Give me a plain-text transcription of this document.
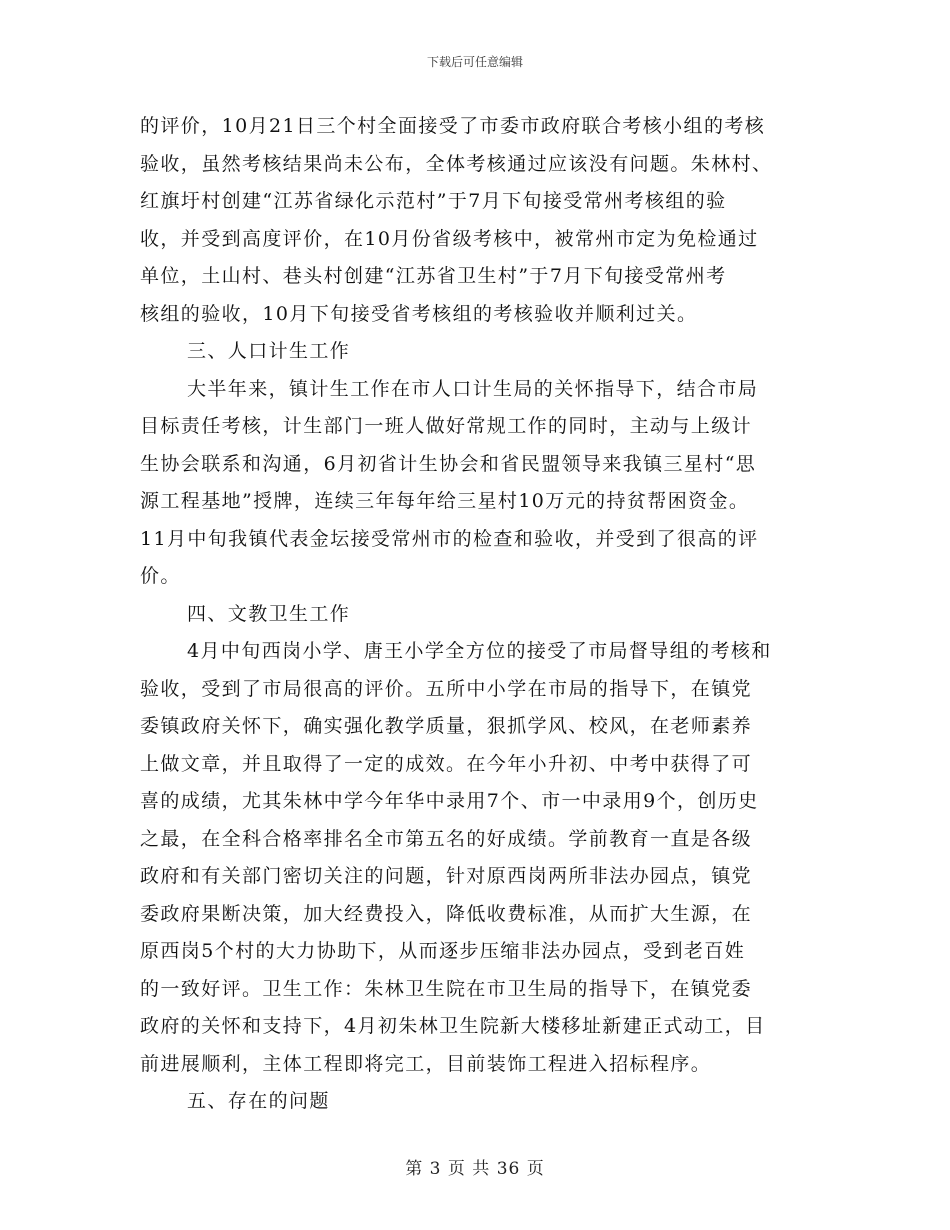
下载后可任意编辑
的评价，10月21日三个村全面接受了市委市政府联合考核小组的考核
验收，虽然考核结果尚未公布，全体考核通过应该没有问题。朱林村、
红旗圩村创建“江苏省绿化示范村”于7月下旬接受常州考核组的验
收，并受到高度评价，在10月份省级考核中，被常州市定为免检通过
单位，土山村、巷头村创建“江苏省卫生村”于7月下旬接受常州考
核组的验收，10月下旬接受省考核组的考核验收并顺利过关。
三、人口计生工作
大半年来，镇计生工作在市人口计生局的关怀指导下，结合市局
目标责任考核，计生部门一班人做好常规工作的同时，主动与上级计
生协会联系和沟通，6月初省计生协会和省民盟领导来我镇三星村“思
源工程基地”授牌，连续三年每年给三星村10万元的持贫帮困资金。
11月中旬我镇代表金坛接受常州市的检查和验收，并受到了很高的评
价。
四、文教卫生工作
4月中旬西岗小学、唐王小学全方位的接受了市局督导组的考核和
验收，受到了市局很高的评价。五所中小学在市局的指导下，在镇党
委镇政府关怀下，确实强化教学质量，狠抓学风、校风，在老师素养
上做文章，并且取得了一定的成效。在今年小升初、中考中获得了可
喜的成绩，尤其朱林中学今年华中录用7个、市一中录用9个，创历史
之最，在全科合格率排名全市第五名的好成绩。学前教育一直是各级
政府和有关部门密切关注的问题，针对原西岗两所非法办园点，镇党
委政府果断决策，加大经费投入，降低收费标准，从而扩大生源，在
原西岗5个村的大力协助下，从而逐步压缩非法办园点，受到老百姓
的一致好评。卫生工作：朱林卫生院在市卫生局的指导下，在镇党委
政府的关怀和支持下，4月初朱林卫生院新大楼移址新建正式动工，目
前进展顺利，主体工程即将完工，目前装饰工程进入招标程序。
五、存在的问题
第 3 页 共 36 页
